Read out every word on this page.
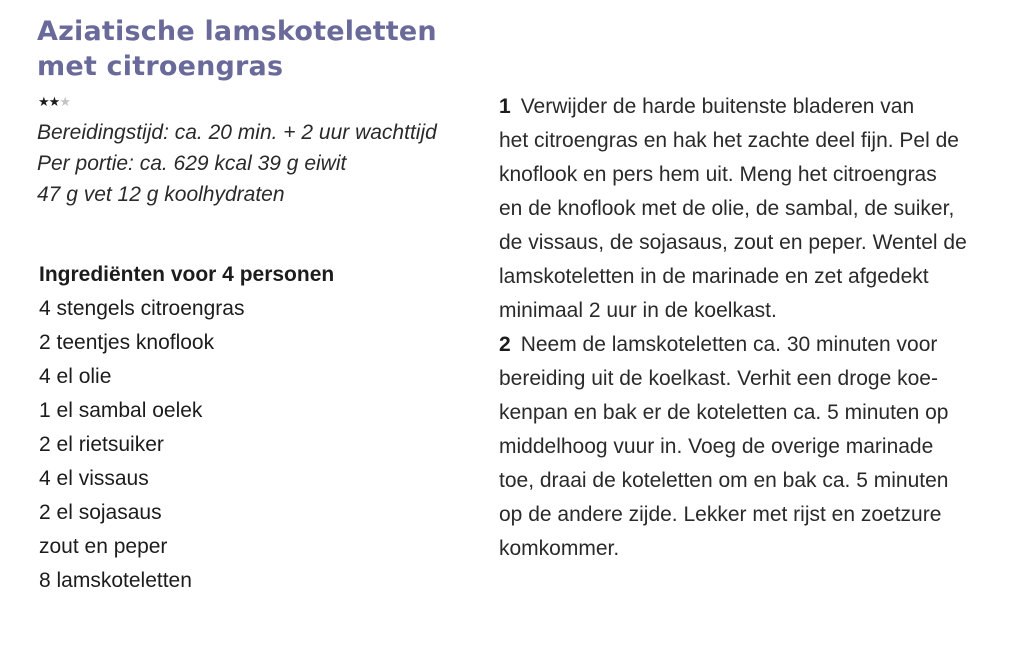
Aziatische lamskoteletten
met citroengras
★★★
Bereidingstijd: ca. 20 min. + 2 uur wachttijd
Per portie: ca. 629 kcal 39 g eiwit
47 g vet 12 g koolhydraten
Ingrediënten voor 4 personen
4 stengels citroengras
2 teentjes knoflook
4 el olie
1 el sambal oelek
2 el rietsuiker
4 el vissaus
2 el sojasaus
zout en peper
8 lamskoteletten
1 Verwijder de harde buitenste bladeren van
het citroengras en hak het zachte deel fijn. Pel de
knoflook en pers hem uit. Meng het citroengras
en de knoflook met de olie, de sambal, de suiker,
de vissaus, de sojasaus, zout en peper. Wentel de
lamskoteletten in de marinade en zet afgedekt
minimaal 2 uur in de koelkast.
2 Neem de lamskoteletten ca. 30 minuten voor
bereiding uit de koelkast. Verhit een droge koe-
kenpan en bak er de koteletten ca. 5 minuten op
middelhoog vuur in. Voeg de overige marinade
toe, draai de koteletten om en bak ca. 5 minuten
op de andere zijde. Lekker met rijst en zoetzure
komkommer.
